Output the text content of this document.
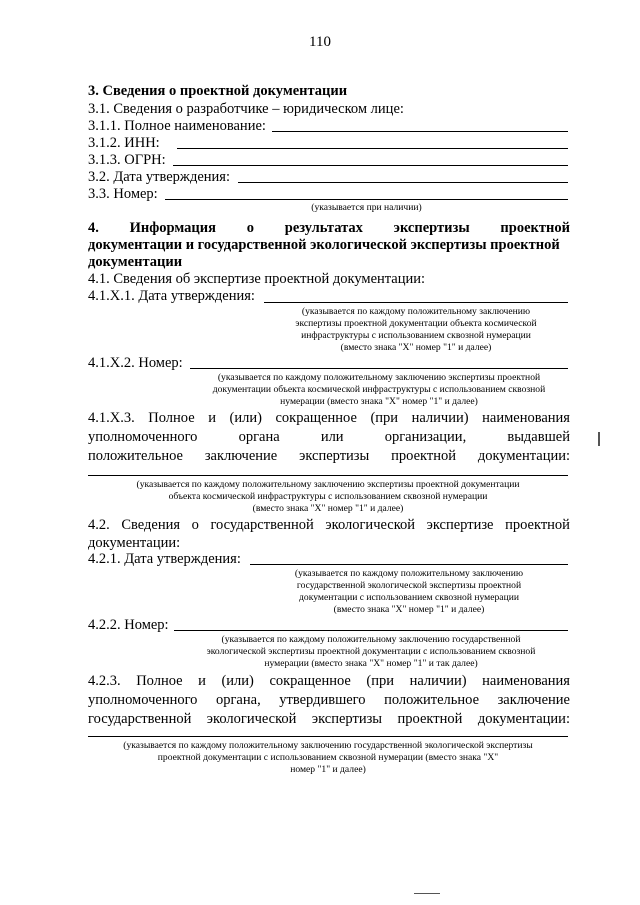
110
3. Сведения о проектной документации
3.1. Сведения о разработчике – юридическом лице:
3.1.1. Полное наименование:
3.1.2. ИНН:
3.1.3. ОГРН:
3.2. Дата утверждения:
3.3. Номер:
(указывается при наличии)
4. Информация о результатах экспертизы проектной
документации и государственной экологической экспертизы проектной
документации
4.1. Сведения об экспертизе проектной документации:
4.1.Х.1. Дата утверждения:
(указывается по каждому положительному заключению
экспертизы проектной документации объекта космической
инфраструктуры с использованием сквозной нумерации
(вместо знака "Х" номер "1" и далее)
4.1.Х.2. Номер:
(указывается по каждому положительному заключению экспертизы проектной
документации объекта космической инфраструктуры с использованием сквозной
нумерации (вместо знака "Х" номер "1" и далее)
4.1.Х.3. Полное и (или) сокращенное (при наличии) наименования
уполномоченного	органа	или	организации,	выдавшей
положительное заключение экспертизы проектной документации:
(указывается по каждому положительному заключению экспертизы проектной документации
объекта космической инфраструктуры с использованием сквозной нумерации
(вместо знака "Х" номер "1" и далее)
4.2. Сведения о государственной экологической экспертизе проектной
документации:
4.2.1. Дата утверждения:
(указывается по каждому положительному заключению
государственной экологической экспертизы проектной
документации с использованием сквозной нумерации
(вместо знака "Х" номер "1" и далее)
4.2.2. Номер:
(указывается по каждому положительному заключению государственной
экологической экспертизы проектной документации с использованием сквозной
нумерации (вместо знака "Х" номер "1" и так далее)
4.2.3. Полное и (или) сокращенное (при наличии) наименования
уполномоченного органа, утвердившего положительное заключение
государственной экологической экспертизы проектной документации:
(указывается по каждому положительному заключению государственной экологической экспертизы
проектной документации с использованием сквозной нумерации (вместо знака "Х"
номер "1" и далее)
